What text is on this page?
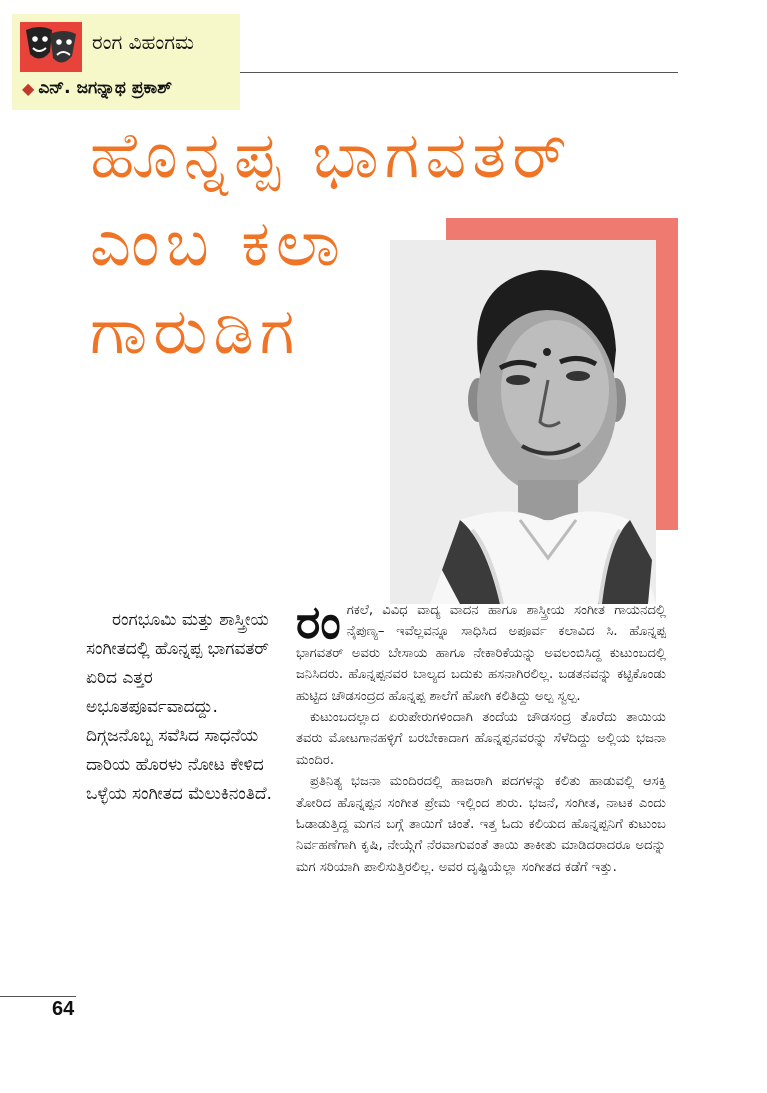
ರಂಗ ವಿಹಂಗಮ
◆ ಎನ್. ಜಗನ್ನಾಥ ಪ್ರಕಾಶ್
ಹೊನ್ನಪ್ಪ ಭಾಗವತರ್
ಎಂಬ ಕಲಾ
ಗಾರುಡಿಗ
ರಂಗಭೂಮಿ ಮತ್ತು ಶಾಸ್ತ್ರೀಯ ಸಂಗೀತದಲ್ಲಿ ಹೊನ್ನಪ್ಪ ಭಾಗವತರ್ ಏರಿದ ಎತ್ತರ ಅಭೂತಪೂರ್ವವಾದದ್ದು. ದಿಗ್ಗಜನೊಬ್ಬ ಸವೆಸಿದ ಸಾಧನೆಯ ದಾರಿಯ ಹೊರಳು ನೋಟ ಕೇಳಿದ ಒಳ್ಳೆಯ ಸಂಗೀತದ ಮೆಲುಕಿನಂತಿದೆ.

ರಂಗಕಲೆ, ವಿವಿಧ ವಾದ್ಯ ವಾದನ ಹಾಗೂ ಶಾಸ್ತ್ರೀಯ ಸಂಗೀತ ಗಾಯನದಲ್ಲಿ ನೈಪುಣ್ಯ– ಇವೆಲ್ಲವನ್ನೂ ಸಾಧಿಸಿದ ಅಪೂರ್ವ ಕಲಾವಿದ ಸಿ. ಹೊನ್ನಪ್ಪ ಭಾಗವತರ್ ಅವರು ಬೇಸಾಯ ಹಾಗೂ ನೇಕಾರಿಕೆಯನ್ನು ಅವಲಂಬಿಸಿದ್ದ ಕುಟುಂಬದಲ್ಲಿ ಜನಿಸಿದರು. ಹೊನ್ನಪ್ಪನವರ ಬಾಲ್ಯದ ಬದುಕು ಹಸನಾಗಿರಲಿಲ್ಲ. ಬಡತನವನ್ನು ಕಟ್ಟಿಕೊಂಡು ಹುಟ್ಟಿದ ಚೌಡಸಂದ್ರದ ಹೊನ್ನಪ್ಪ ಶಾಲೆಗೆ ಹೋಗಿ ಕಲಿತಿದ್ದು ಅಲ್ಪ ಸ್ವಲ್ಪ.

ಕುಟುಂಬದಲ್ಲಾದ ಏರುಪೇರುಗಳಿಂದಾಗಿ ತಂದೆಯ ಚೌಡಸಂದ್ರ ತೊರೆದು ತಾಯಿಯ ತವರು ಮೋಟಗಾನಹಳ್ಳಿಗೆ ಬರಬೇಕಾದಾಗ ಹೊನ್ನಪ್ಪನವರನ್ನು ಸೆಳೆದಿದ್ದು ಅಲ್ಲಿಯ ಭಜನಾ ಮಂದಿರ.

ಪ್ರತಿನಿತ್ಯ ಭಜನಾ ಮಂದಿರದಲ್ಲಿ ಹಾಜರಾಗಿ ಪದಗಳನ್ನು ಕಲಿತು ಹಾಡುವಲ್ಲಿ ಆಸಕ್ತಿ ತೋರಿದ ಹೊನ್ನಪ್ಪನ ಸಂಗೀತ ಪ್ರೇಮ ಇಲ್ಲಿಂದ ಶುರು. ಭಜನೆ, ಸಂಗೀತ, ನಾಟಕ ಎಂದು ಓಡಾಡುತ್ತಿದ್ದ ಮಗನ ಬಗ್ಗೆ ತಾಯಿಗೆ ಚಿಂತೆ. ಇತ್ತ ಓದು ಕಲಿಯದ ಹೊನ್ನಪ್ಪನಿಗೆ ಕುಟುಂಬ ನಿರ್ವಹಣೆಗಾಗಿ ಕೃಷಿ, ನೇಯ್ಗೆಗೆ ನೆರವಾಗುವಂತೆ ತಾಯಿ ತಾಕೀತು ಮಾಡಿದರಾದರೂ ಅದನ್ನು ಮಗ ಸರಿಯಾಗಿ ಪಾಲಿಸುತ್ತಿರಲಿಲ್ಲ. ಅವರ ದೃಷ್ಟಿಯೆಲ್ಲಾ ಸಂಗೀತದ ಕಡೆಗೆ ಇತ್ತು.

64
